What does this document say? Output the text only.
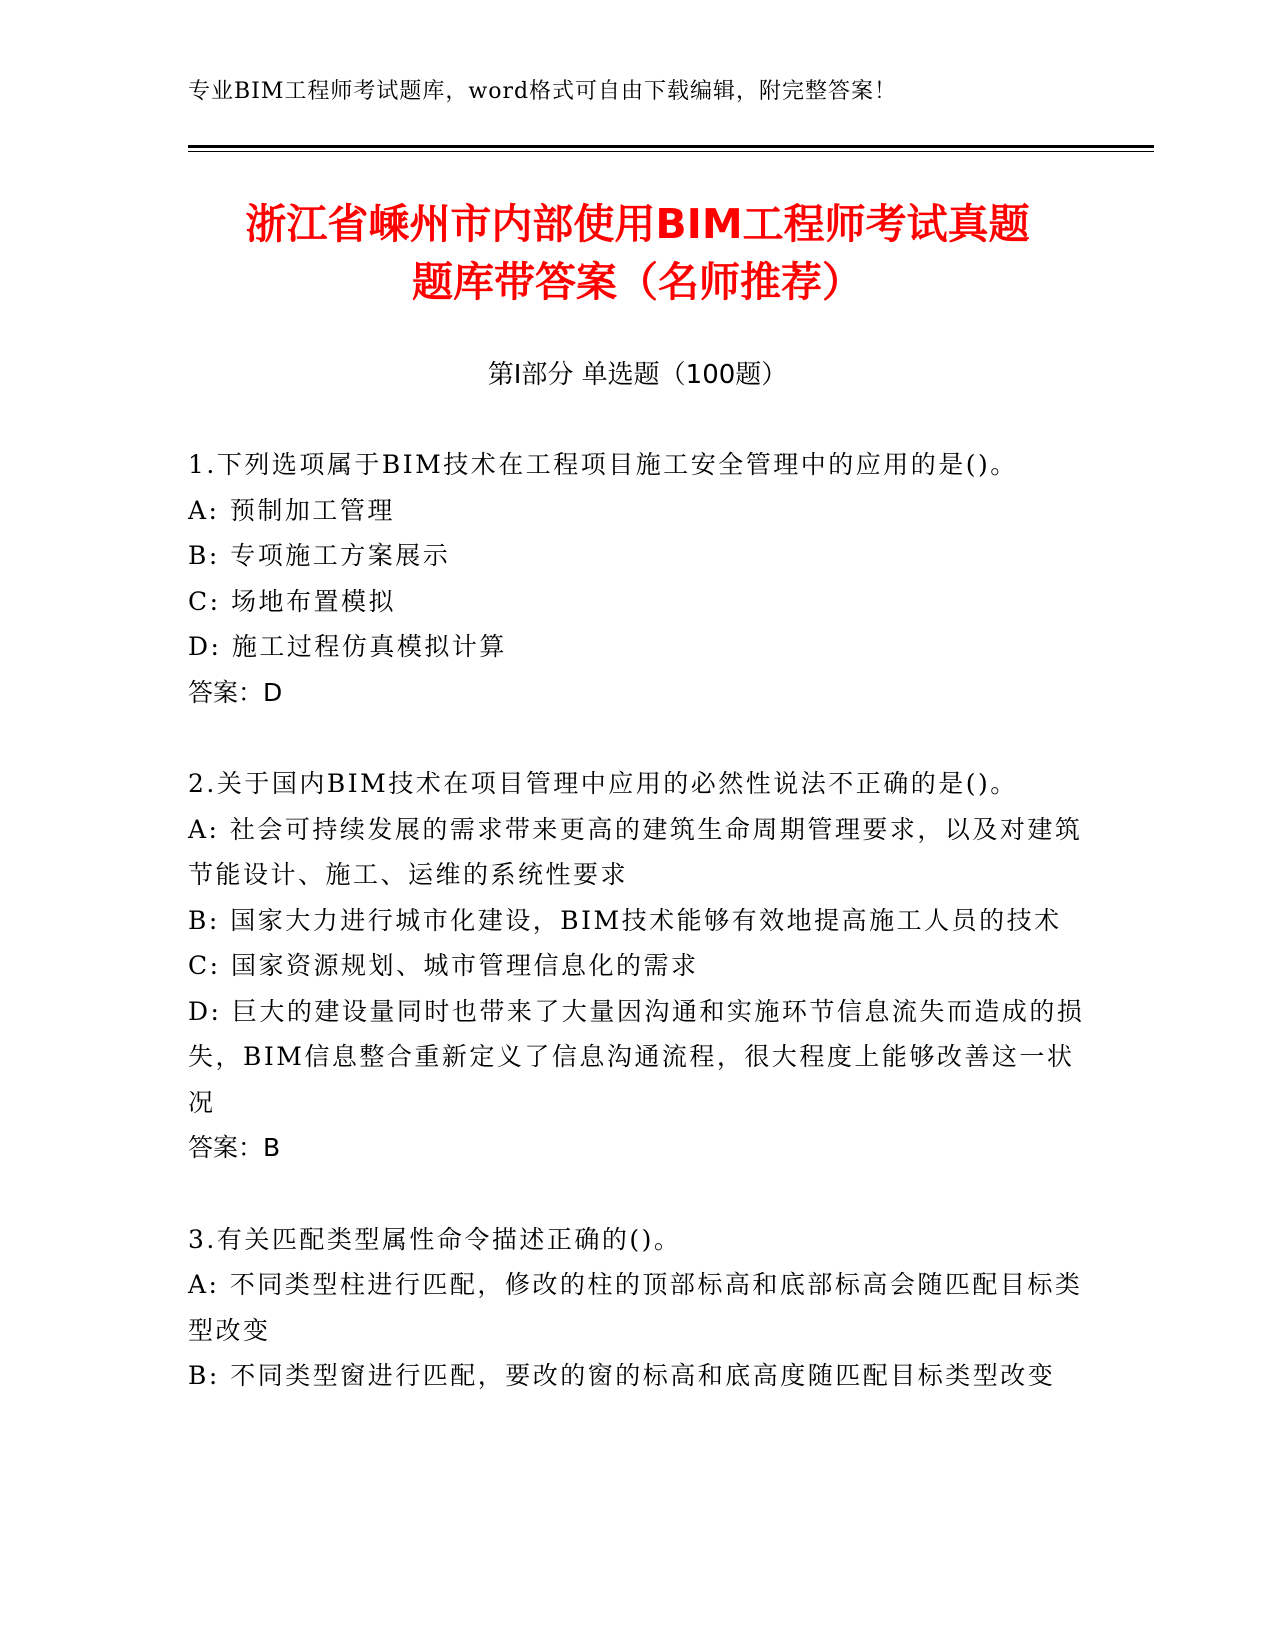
专业BIM工程师考试题库，word格式可自由下载编辑，附完整答案！
浙江省嵊州市内部使用BIM工程师考试真题
题库带答案（名师推荐）
第Ⅰ部分 单选题（100题）

1.下列选项属于BIM技术在工程项目施工安全管理中的应用的是()。

A: 预制加工管理

B: 专项施工方案展示

C: 场地布置模拟

D: 施工过程仿真模拟计算

答案：D

2.关于国内BIM技术在项目管理中应用的必然性说法不正确的是()。

A: 社会可持续发展的需求带来更高的建筑生命周期管理要求，以及对建筑节能设计、施工、运维的系统性要求

B: 国家大力进行城市化建设，BIM技术能够有效地提高施工人员的技术

C: 国家资源规划、城市管理信息化的需求

D: 巨大的建设量同时也带来了大量因沟通和实施环节信息流失而造成的损失，BIM信息整合重新定义了信息沟通流程，很大程度上能够改善这一状况

答案：B

3.有关匹配类型属性命令描述正确的()。

A: 不同类型柱进行匹配，修改的柱的顶部标高和底部标高会随匹配目标类型改变

B: 不同类型窗进行匹配，要改的窗的标高和底高度随匹配目标类型改变
